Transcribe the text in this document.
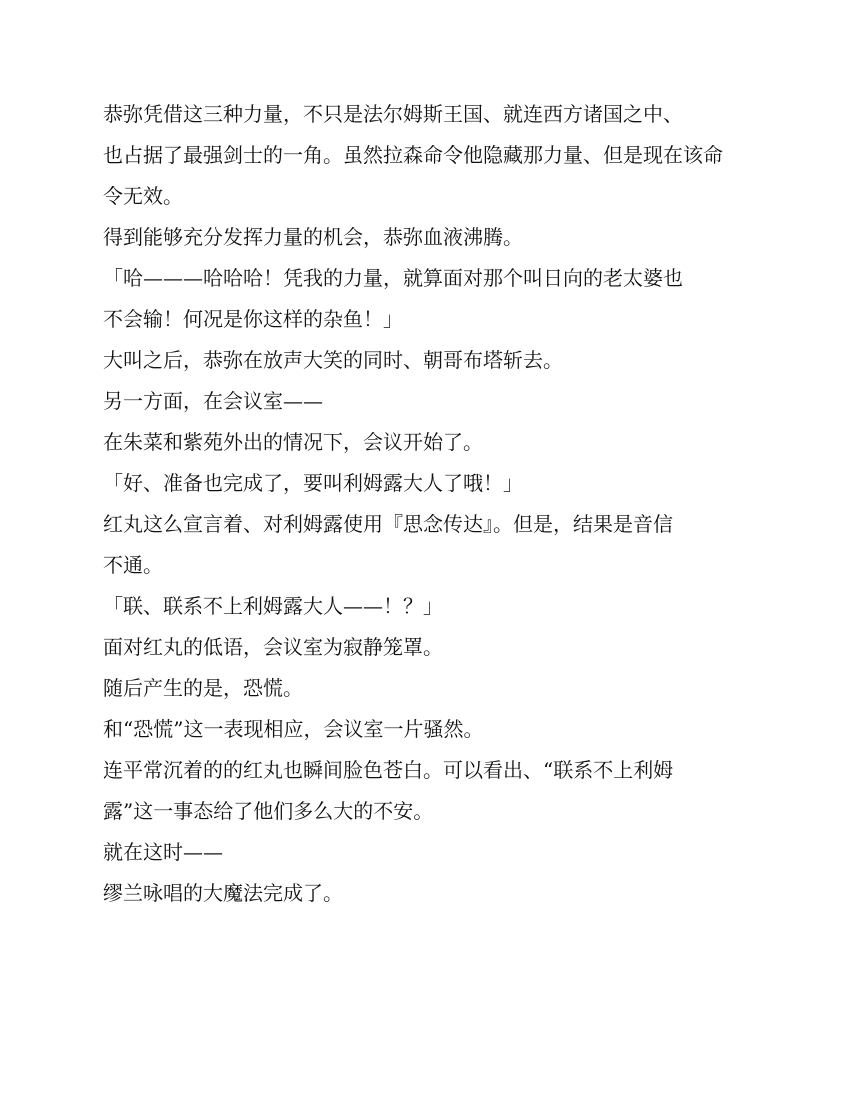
恭弥凭借这三种力量，不只是法尔姆斯王国、就连西方诸国之中、
也占据了最强剑士的一角。虽然拉森命令他隐藏那力量、但是现在该命
令无效。
得到能够充分发挥力量的机会，恭弥血液沸腾。
「哈———哈哈哈！凭我的力量，就算面对那个叫日向的老太婆也
不会输！何况是你这样的杂鱼！」
大叫之后，恭弥在放声大笑的同时、朝哥布塔斩去。
另一方面，在会议室——
在朱菜和紫苑外出的情况下，会议开始了。
「好、准备也完成了，要叫利姆露大人了哦！」
红丸这么宣言着、对利姆露使用『思念传达』。但是，结果是音信
不通。
「联、联系不上利姆露大人——！？」
面对红丸的低语，会议室为寂静笼罩。
随后产生的是，恐慌。
和“恐慌”这一表现相应，会议室一片骚然。
连平常沉着的的红丸也瞬间脸色苍白。可以看出、“联系不上利姆
露”这一事态给了他们多么大的不安。
就在这时——
缪兰咏唱的大魔法完成了。
